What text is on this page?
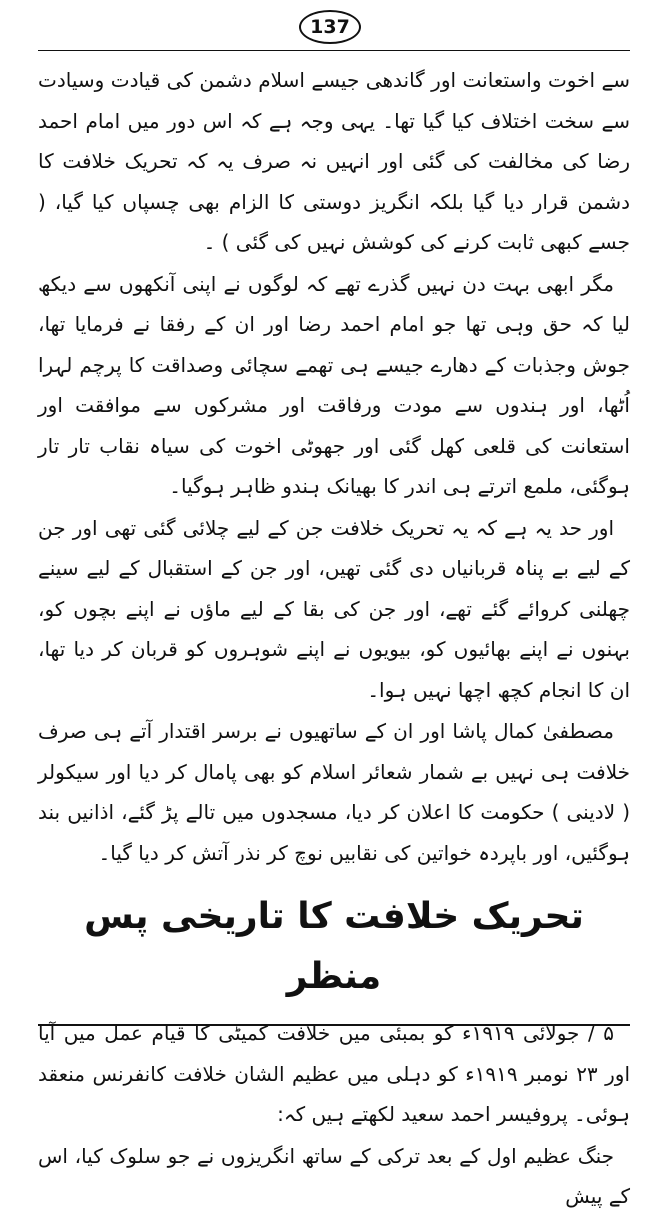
137

سے اخوت واستعانت اور گاندھی جیسے اسلام دشمن کی قیادت وسیادت سے سخت اختلاف کیا گیا تھا۔ یہی وجہ ہے کہ اس دور میں امام احمد رضا کی مخالفت کی گئی اور انہیں نہ صرف یہ کہ تحریک خلافت کا دشمن قرار دیا گیا بلکہ انگریز دوستی کا الزام بھی چسپاں کیا گیا، ( جسے کبھی ثابت کرنے کی کوشش نہیں کی گئی ) ۔

مگر ابھی بہت دن نہیں گذرے تھے کہ لوگوں نے اپنی آنکھوں سے دیکھ لیا کہ حق وہی تھا جو امام احمد رضا اور ان کے رفقا نے فرمایا تھا، جوش وجذبات کے دھارے جیسے ہی تھمے سچائی وصداقت کا پرچم لہرا اُٹھا، اور ہندوں سے مودت ورفاقت اور مشرکوں سے موافقت اور استعانت کی قلعی کھل گئی اور جھوٹی اخوت کی سیاہ نقاب تار تار ہوگئی، ملمع اترتے ہی اندر کا بھیانک ہندو ظاہر ہوگیا۔

اور حد یہ ہے کہ یہ تحریک خلافت جن کے لیے چلائی گئی تھی اور جن کے لیے بے پناہ قربانیاں دی گئی تھیں، اور جن کے استقبال کے لیے سینے چھلنی کروائے گئے تھے، اور جن کی بقا کے لیے ماؤں نے اپنے بچوں کو، بہنوں نے اپنے بھائیوں کو، بیویوں نے اپنے شوہروں کو قربان کر دیا تھا، ان کا انجام کچھ اچھا نہیں ہوا۔

مصطفیٰ کمال پاشا اور ان کے ساتھیوں نے برسر اقتدار آتے ہی صرف خلافت ہی نہیں بے شمار شعائر اسلام کو بھی پامال کر دیا اور سیکولر ( لادینی ) حکومت کا اعلان کر دیا، مسجدوں میں تالے پڑ گئے، اذانیں بند ہوگئیں، اور باپردہ خواتین کی نقابیں نوچ کر نذر آتش کر دیا گیا۔

تحریک خلافت کا تاریخی پس منظر

۵ / جولائی ۱۹۱۹ء کو بمبئی میں خلافت کمیٹی کا قیام عمل میں آیا اور ۲۳ نومبر ۱۹۱۹ء کو دہلی میں عظیم الشان خلافت کانفرنس منعقد ہوئی۔ پروفیسر احمد سعید لکھتے ہیں کہ:

جنگ عظیم اول کے بعد ترکی کے ساتھ انگریزوں نے جو سلوک کیا، اس کے پیش
